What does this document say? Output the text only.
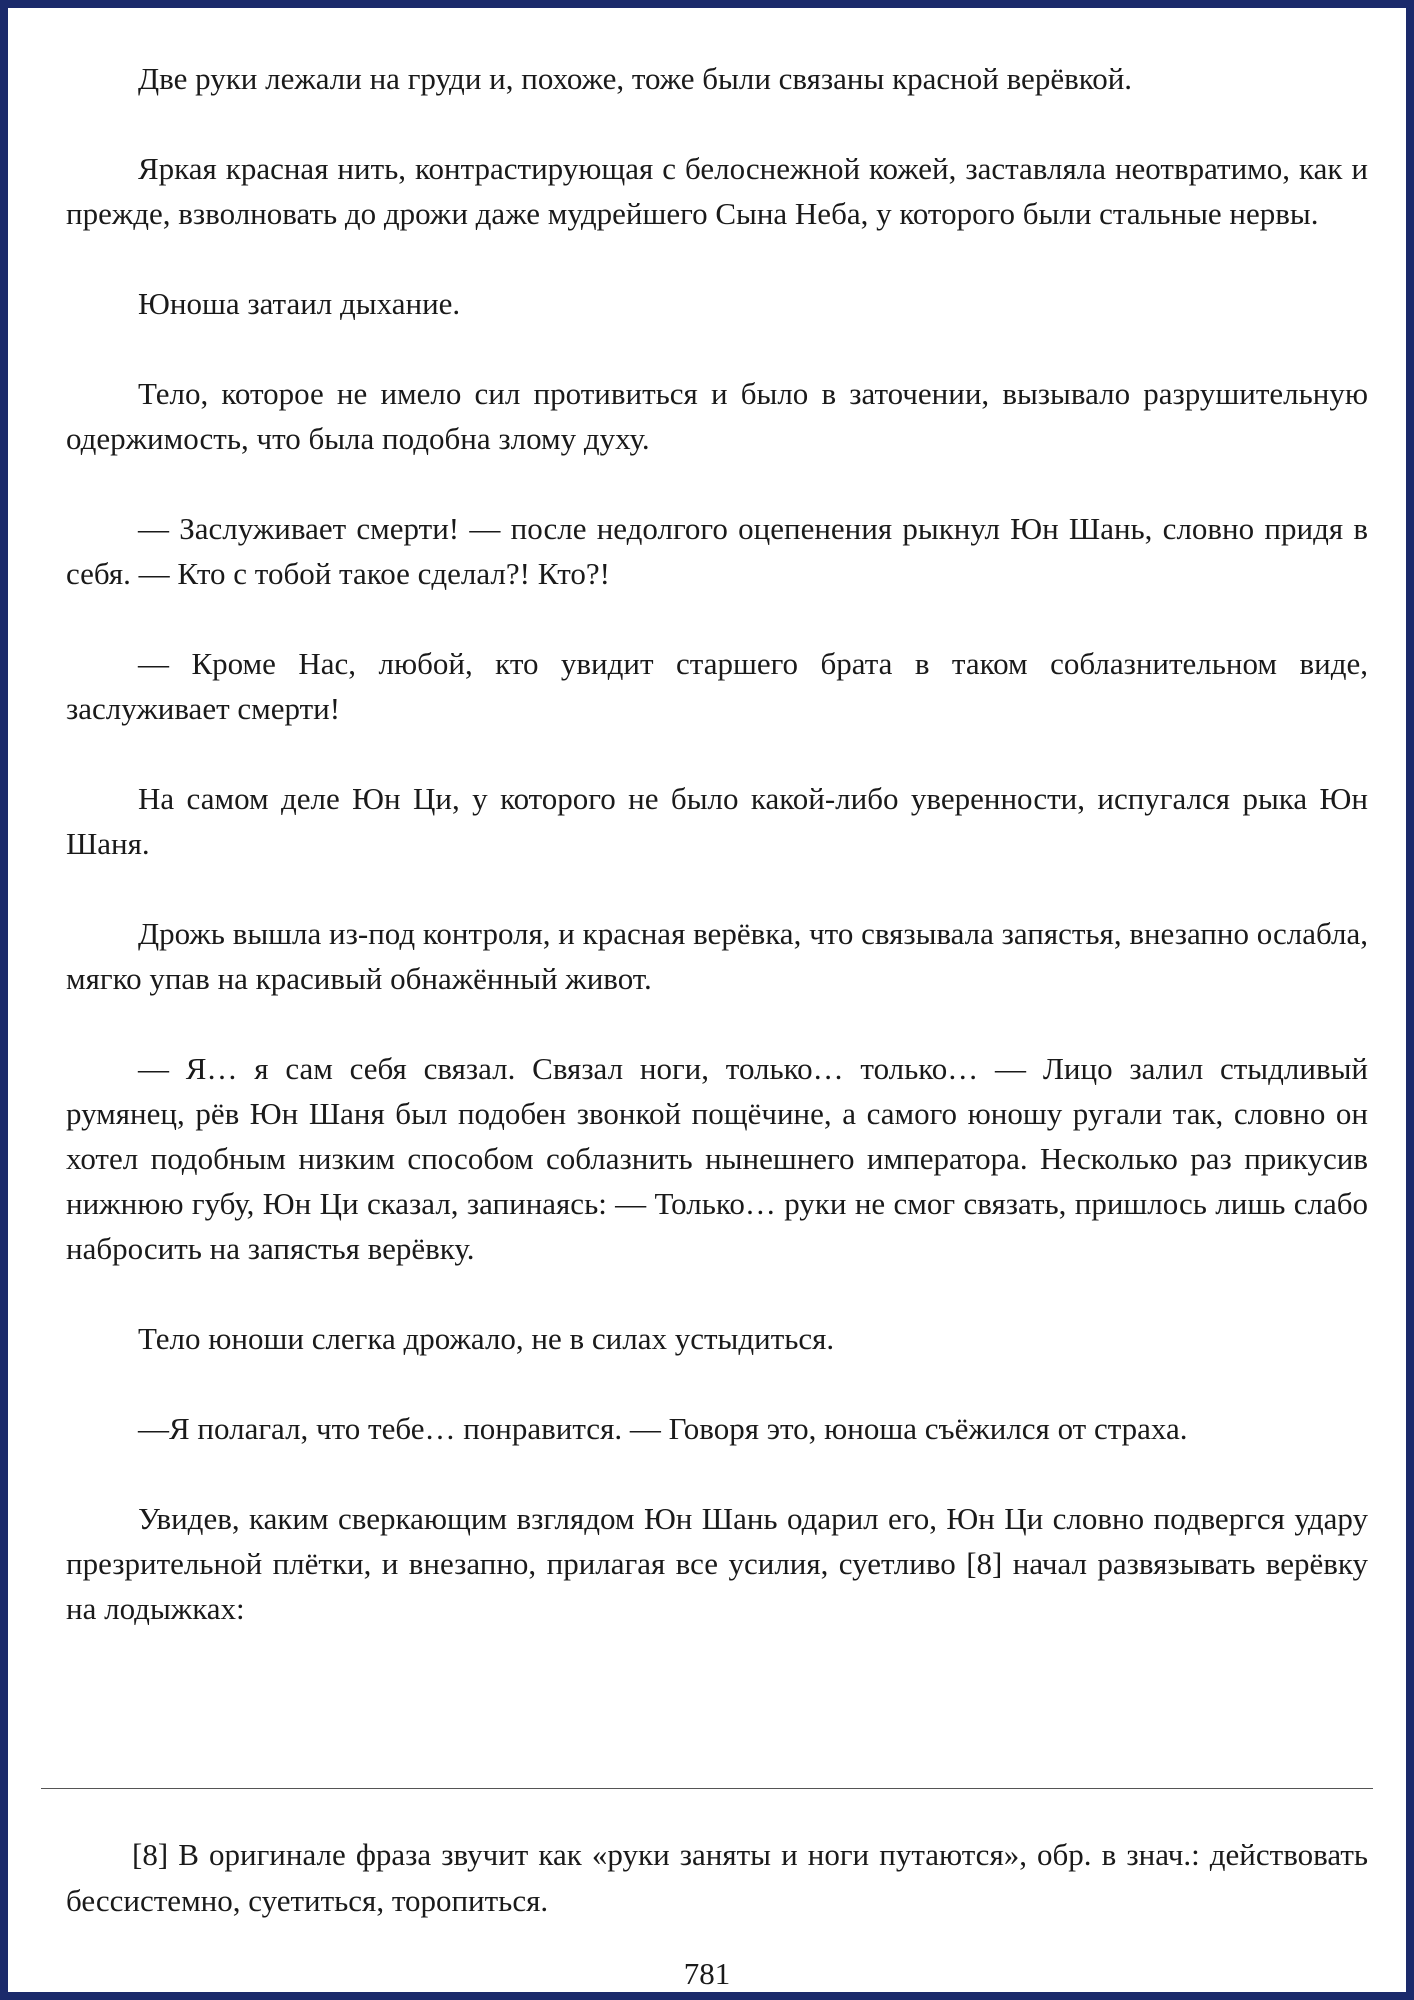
Две руки лежали на груди и, похоже, тоже были связаны красной верёвкой.

Яркая красная нить, контрастирующая с белоснежной кожей, заставляла неотвратимо, как и прежде, взволновать до дрожи даже мудрейшего Сына Неба, у которого были стальные нервы.

Юноша затаил дыхание.

Тело, которое не имело сил противиться и было в заточении, вызывало разрушительную одержимость, что была подобна злому духу.

— Заслуживает смерти! — после недолгого оцепенения рыкнул Юн Шань, словно придя в себя. — Кто с тобой такое сделал?! Кто?!

— Кроме Нас, любой, кто увидит старшего брата в таком соблазнительном виде, заслуживает смерти!

На самом деле Юн Ци, у которого не было какой-либо уверенности, испугался рыка Юн Шаня.

Дрожь вышла из-под контроля, и красная верёвка, что связывала запястья, внезапно ослабла, мягко упав на красивый обнажённый живот.

— Я… я сам себя связал. Связал ноги, только… только… — Лицо залил стыдливый румянец, рёв Юн Шаня был подобен звонкой пощёчине, а самого юношу ругали так, словно он хотел подобным низким способом соблазнить нынешнего императора. Несколько раз прикусив нижнюю губу, Юн Ци сказал, запинаясь: — Только… руки не смог связать, пришлось лишь слабо набросить на запястья верёвку.

Тело юноши слегка дрожало, не в силах устыдиться.

—Я полагал, что тебе… понравится. — Говоря это, юноша съёжился от страха.

Увидев, каким сверкающим взглядом Юн Шань одарил его, Юн Ци словно подвергся удару презрительной плётки, и внезапно, прилагая все усилия, суетливо [8] начал развязывать верёвку на лодыжках:

[8] В оригинале фраза звучит как «руки заняты и ноги путаются», обр. в знач.: действовать бессистемно, суетиться, торопиться.

781
